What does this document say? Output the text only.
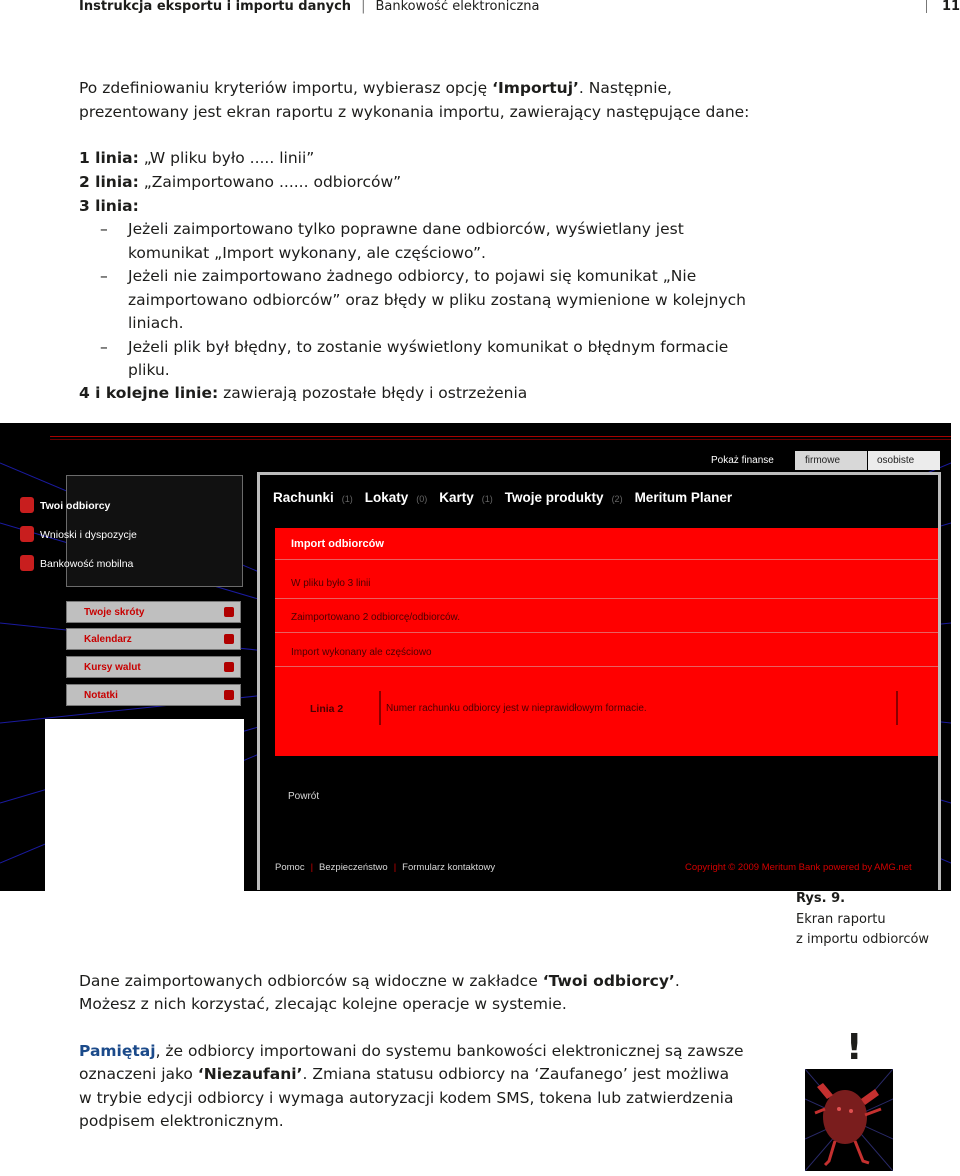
Instrukcja eksportu i importu danych | Bankowość elektroniczna	11
Po zdefiniowaniu kryteriów importu, wybierasz opcję ‘Importuj’. Następnie,
prezentowany jest ekran raportu z wykonania importu, zawierający następujące dane:
1 linia: „W pliku było ..... linii”
2 linia: „Zaimportowano ...... odbiorców”
3 linia:
– Jeżeli zaimportowano tylko poprawne dane odbiorców, wyświetlany jest
komunikat „Import wykonany, ale częściowo”.
– Jeżeli nie zaimportowano żadnego odbiorcy, to pojawi się komunikat „Nie
zaimportowano odbiorców” oraz błędy w pliku zostaną wymienione w kolejnych
liniach.
– Jeżeli plik był błędny, to zostanie wyświetlony komunikat o błędnym formacie
pliku.
4 i kolejne linie: zawierają pozostałe błędy i ostrzeżenia
Pokaż finanse	firmowe	osobiste
Twoi odbiorcy
Wnioski i dyspozycje
Bankowość mobilna
Twoje skróty
Kalendarz
Kursy walut
Notatki
Rachunki (1) Lokaty (0) Karty (1) Twoje produkty (2) Meritum Planer
Import odbiorców
W pliku było 3 linii
Zaimportowano 2 odbiorcę/odbiorców.
Import wykonany ale częściowo
Linia 2	Numer rachunku odbiorcy jest w nieprawidłowym formacie.
Powrót
Pomoc | Bezpieczeństwo | Formularz kontaktowy	Copyright © 2009 Meritum Bank powered by AMG.net
Rys. 9.
Ekran raportu
z importu odbiorców
Dane zaimportowanych odbiorców są widoczne w zakładce ‘Twoi odbiorcy’.
Możesz z nich korzystać, zlecając kolejne operacje w systemie.
Pamiętaj, że odbiorcy importowani do systemu bankowości elektronicznej są zawsze
oznaczeni jako ‘Niezaufani’. Zmiana statusu odbiorcy na ‘Zaufanego’ jest możliwa
w trybie edycji odbiorcy i wymaga autoryzacji kodem SMS, tokena lub zatwierdzenia
podpisem elektronicznym.
!
